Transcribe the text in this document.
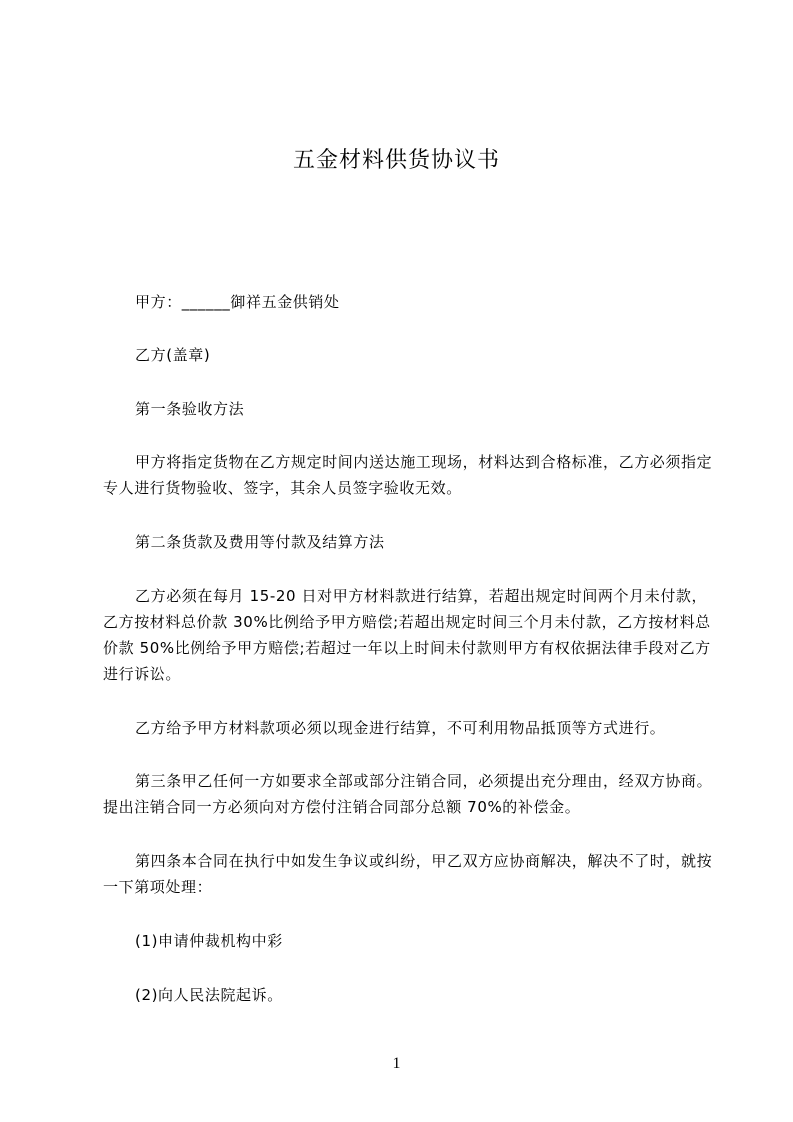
五金材料供货协议书
甲方：______御祥五金供销处
乙方(盖章)
第一条验收方法
甲方将指定货物在乙方规定时间内送达施工现场，材料达到合格标准，乙方必须指定专人进行货物验收、签字，其余人员签字验收无效。
第二条货款及费用等付款及结算方法
乙方必须在每月 15-20 日对甲方材料款进行结算，若超出规定时间两个月未付款，乙方按材料总价款 30%比例给予甲方赔偿;若超出规定时间三个月未付款，乙方按材料总价款 50%比例给予甲方赔偿;若超过一年以上时间未付款则甲方有权依据法律手段对乙方进行诉讼。
乙方给予甲方材料款项必须以现金进行结算，不可利用物品抵顶等方式进行。
第三条甲乙任何一方如要求全部或部分注销合同，必须提出充分理由，经双方协商。提出注销合同一方必须向对方偿付注销合同部分总额 70%的补偿金。
第四条本合同在执行中如发生争议或纠纷，甲乙双方应协商解决，解决不了时，就按一下第项处理：
(1)申请仲裁机构中彩
(2)向人民法院起诉。
1
